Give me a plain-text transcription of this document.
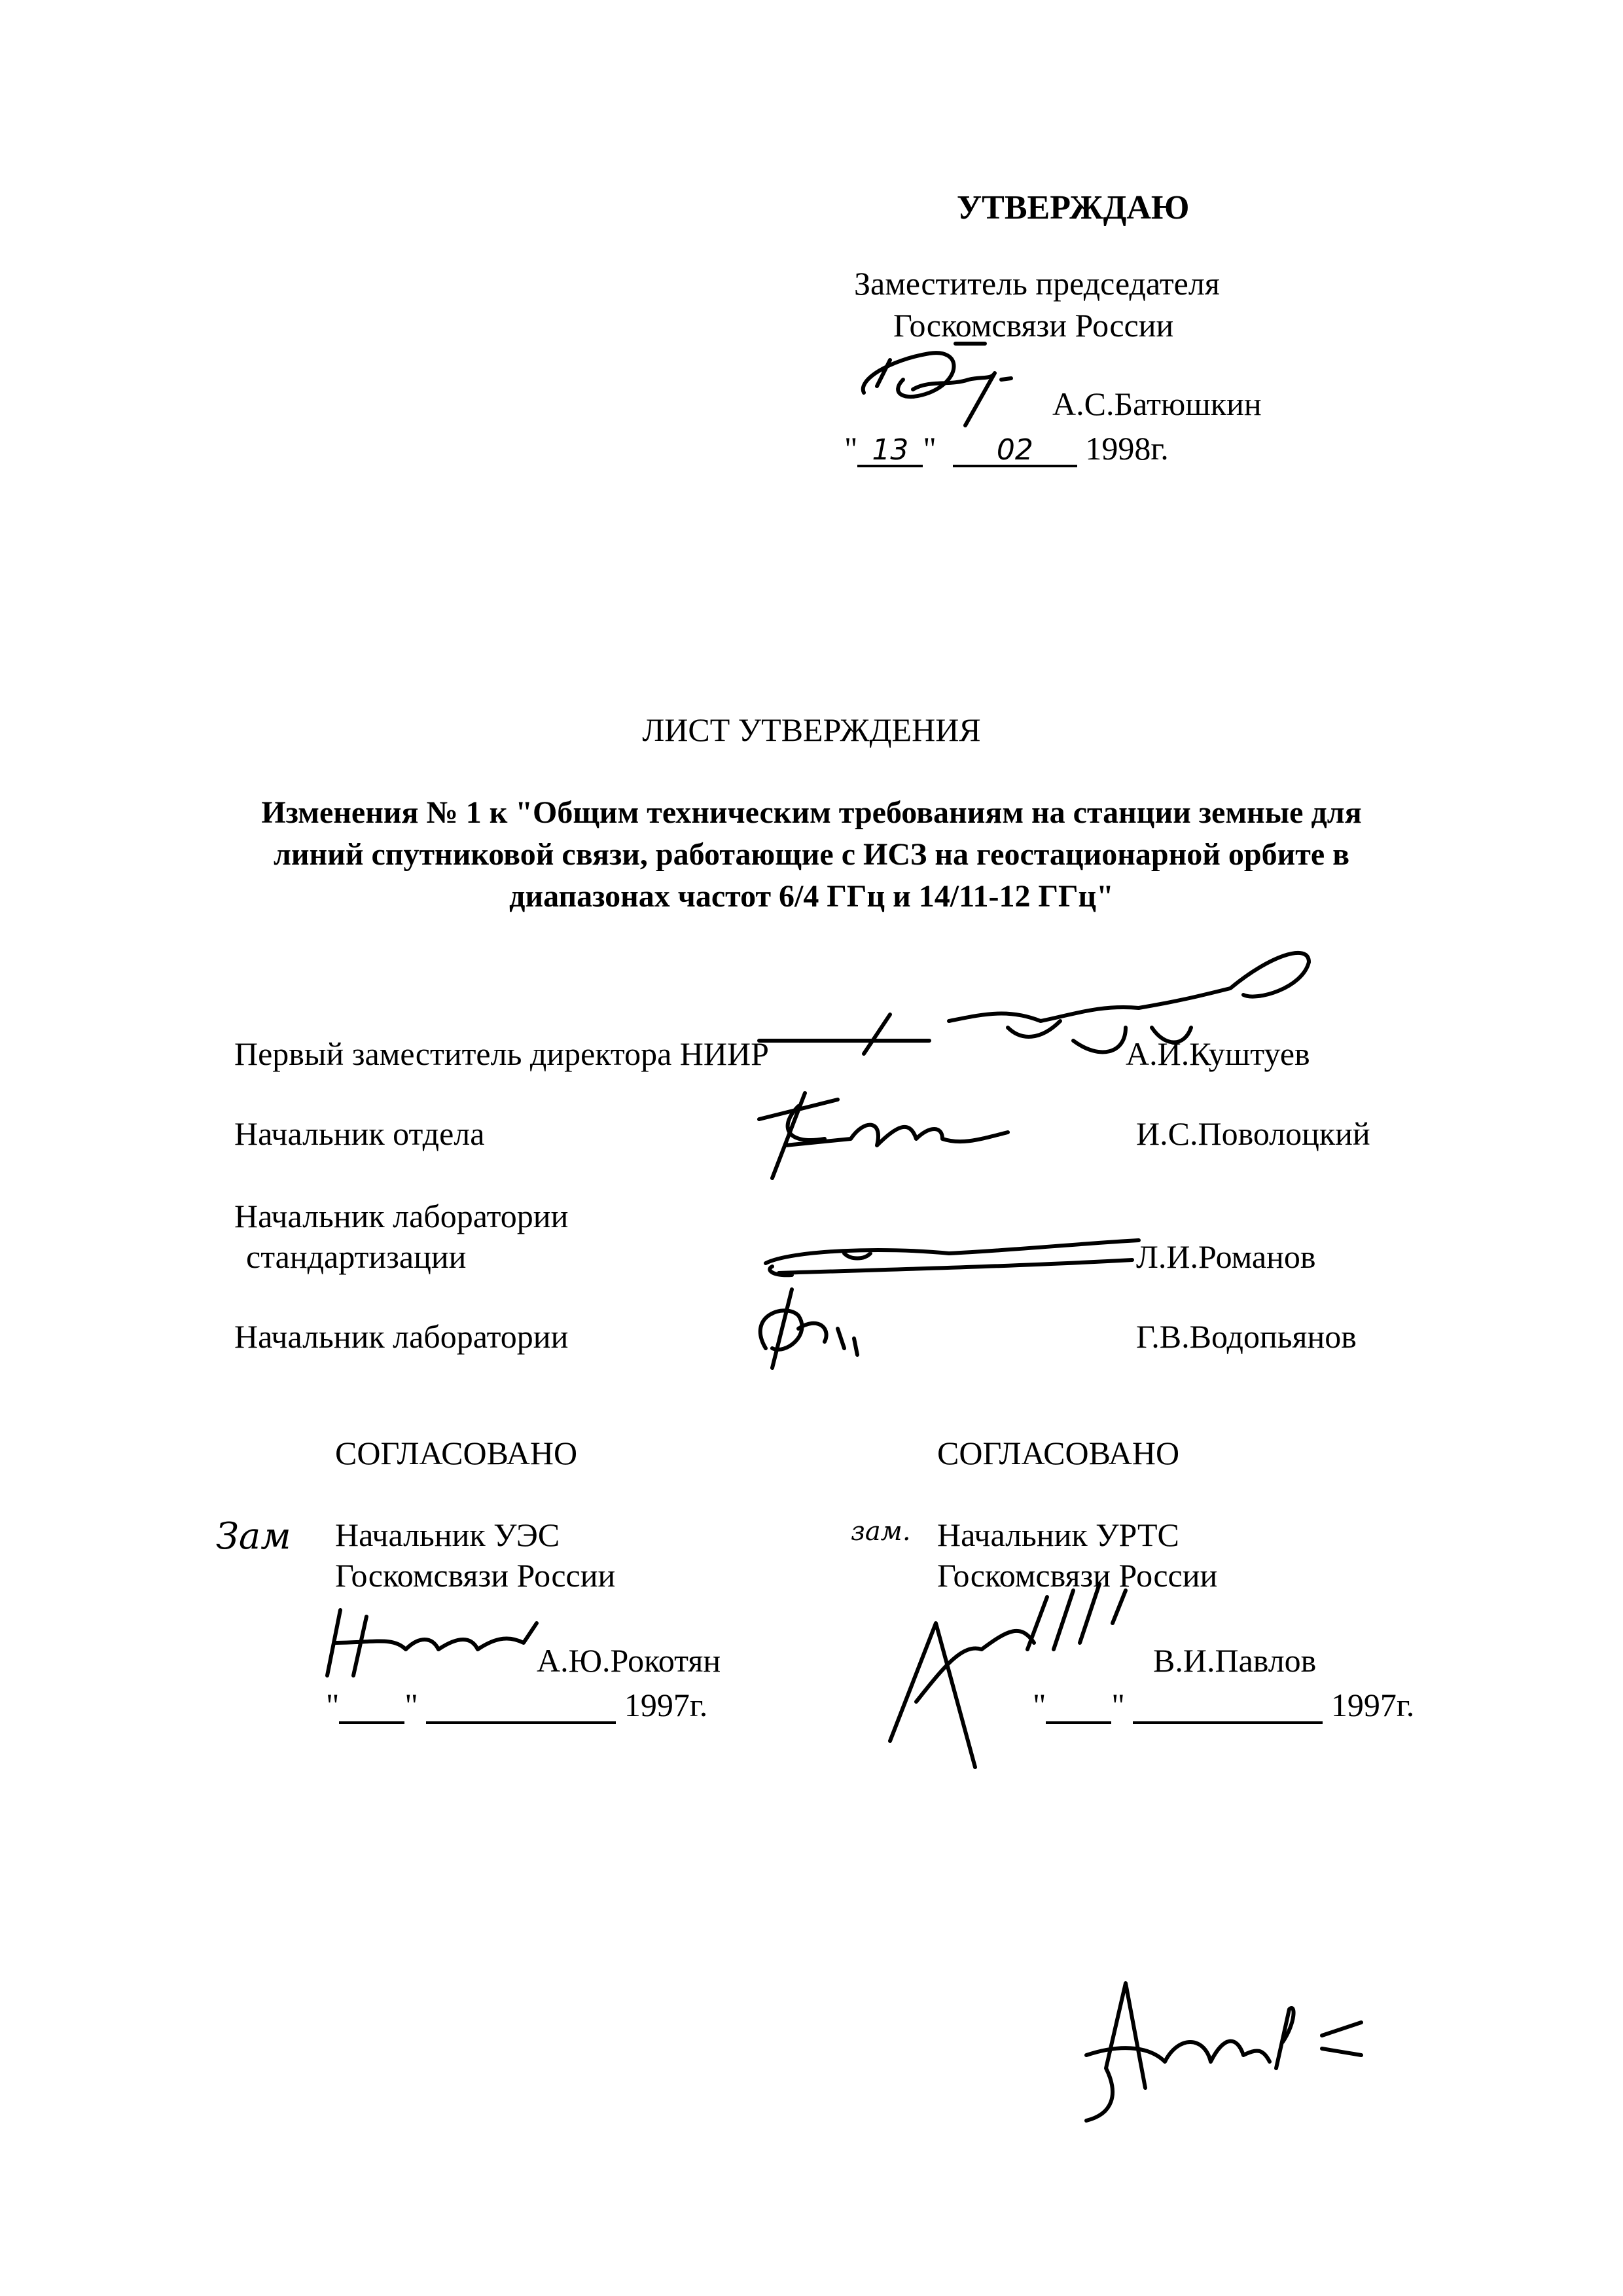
УТВЕРЖДАЮ
Заместитель председателя
Госкомсвязи России
А.С.Батюшкин
" 13 " 02 1998г.
ЛИСТ УТВЕРЖДЕНИЯ
Изменения № 1 к "Общим техническим требованиям на станции земные для
линий спутниковой связи, работающие с ИСЗ на геостационарной орбите в
диапазонах частот 6/4 ГГц и 14/11-12 ГГц"
Первый заместитель директора НИИР	А.И.Куштуев
Начальник отдела	И.С.Поволоцкий
Начальник лаборатории
стандартизации	Л.И.Романов
Начальник лаборатории	Г.В.Водопьянов
СОГЛАСОВАНО	СОГЛАСОВАНО
Зам Начальник УЭС
Госкомсвязи России
А.Ю.Рокотян
" "	1997г.
зам. Начальник УРТС
Госкомсвязи России
В.И.Павлов
" "	1997г.
